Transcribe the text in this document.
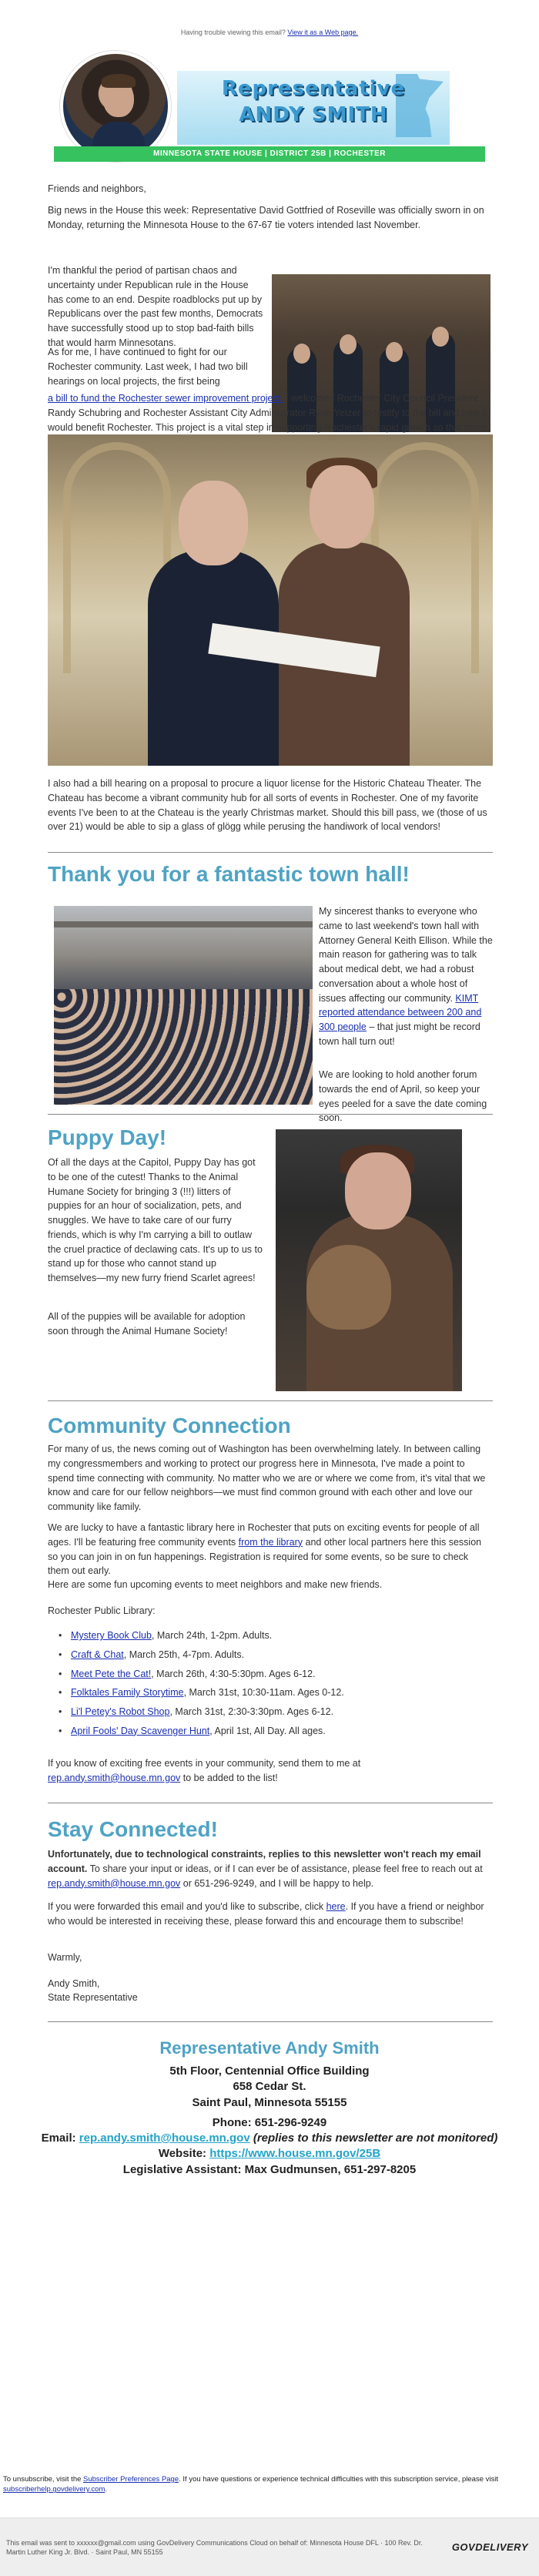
Having trouble viewing this email? View it as a Web page.
Representative
ANDY SMITH
MINNESOTA STATE HOUSE | DISTRICT 25B | ROCHESTER

Friends and neighbors,

Big news in the House this week: Representative David Gottfried of Roseville was officially sworn in on Monday, returning the Minnesota House to the 67-67 tie voters intended last November.

I'm thankful the period of partisan chaos and uncertainty under Republican rule in the House has come to an end. Despite roadblocks put up by Republicans over the past few months, Democrats have successfully stood up to stop bad-faith bills that would harm Minnesotans.

As for me, I have continued to fight for our Rochester community. Last week, I had two bill hearings on local projects, the first being

a bill to fund the Rochester sewer improvement project. I welcomed Rochester City Council President Randy Schubring and Rochester Assistant City Administrator Ryan Yetzer to testify to the bill and how it would benefit Rochester. This project is a vital step in supporting Rochester's rapid growth so that more

I also had a bill hearing on a proposal to procure a liquor license for the Historic Chateau Theater. The Chateau has become a vibrant community hub for all sorts of events in Rochester. One of my favorite events I've been to at the Chateau is the yearly Christmas market. Should this bill pass, we (those of us over 21) would be able to sip a glass of glögg while perusing the handiwork of local vendors!

Thank you for a fantastic town hall!

My sincerest thanks to everyone who came to last weekend's town hall with Attorney General Keith Ellison. While the main reason for gathering was to talk about medical debt, we had a robust conversation about a whole host of issues affecting our community. KIMT reported attendance between 200 and 300 people – that just might be record town hall turn out!

We are looking to hold another forum towards the end of April, so keep your eyes peeled for a save the date coming soon.

Puppy Day!

Of all the days at the Capitol, Puppy Day has got to be one of the cutest! Thanks to the Animal Humane Society for bringing 3 (!!!) litters of puppies for an hour of socialization, pets, and snuggles. We have to take care of our furry friends, which is why I'm carrying a bill to outlaw the cruel practice of declawing cats. It's up to us to stand up for those who cannot stand up themselves—my new furry friend Scarlet agrees!

All of the puppies will be available for adoption soon through the Animal Humane Society!

Community Connection

For many of us, the news coming out of Washington has been overwhelming lately. In between calling my congressmembers and working to protect our progress here in Minnesota, I've made a point to spend time connecting with community. No matter who we are or where we come from, it's vital that we know and care for our fellow neighbors—we must find common ground with each other and love our community like family.

We are lucky to have a fantastic library here in Rochester that puts on exciting events for people of all ages. I'll be featuring free community events from the library and other local partners here this session so you can join in on fun happenings. Registration is required for some events, so be sure to check them out early.

Here are some fun upcoming events to meet neighbors and make new friends.

Rochester Public Library:

• Mystery Book Club, March 24th, 1-2pm. Adults.
• Craft & Chat, March 25th, 4-7pm. Adults.
• Meet Pete the Cat!, March 26th, 4:30-5:30pm. Ages 6-12.
• Folktales Family Storytime, March 31st, 10:30-11am. Ages 0-12.
• Li'l Petey's Robot Shop, March 31st, 2:30-3:30pm. Ages 6-12.
• April Fools' Day Scavenger Hunt, April 1st, All Day. All ages.

If you know of exciting free events in your community, send them to me at rep.andy.smith@house.mn.gov to be added to the list!

Stay Connected!

Unfortunately, due to technological constraints, replies to this newsletter won't reach my email account. To share your input or ideas, or if I can ever be of assistance, please feel free to reach out at rep.andy.smith@house.mn.gov or 651-296-9249, and I will be happy to help.

If you were forwarded this email and you'd like to subscribe, click here. If you have a friend or neighbor who would be interested in receiving these, please forward this and encourage them to subscribe!

Warmly,

Andy Smith,

State Representative

Representative Andy Smith
5th Floor, Centennial Office Building
658 Cedar St.
Saint Paul, Minnesota 55155
Phone: 651-296-9249
Email: rep.andy.smith@house.mn.gov (replies to this newsletter are not monitored)
Website: https://www.house.mn.gov/25B
Legislative Assistant: Max Gudmunsen, 651-297-8205
To unsubscribe, visit the Subscriber Preferences Page. If you have questions or experience technical difficulties with this subscription service, please visit subscriberhelp.govdelivery.com.
This email was sent to xxxxxx@gmail.com using GovDelivery Communications Cloud on behalf of: Minnesota House DFL · 100 Rev. Dr. Martin Luther King Jr. Blvd. · Saint Paul, MN 55155	GOVDELIVERY
